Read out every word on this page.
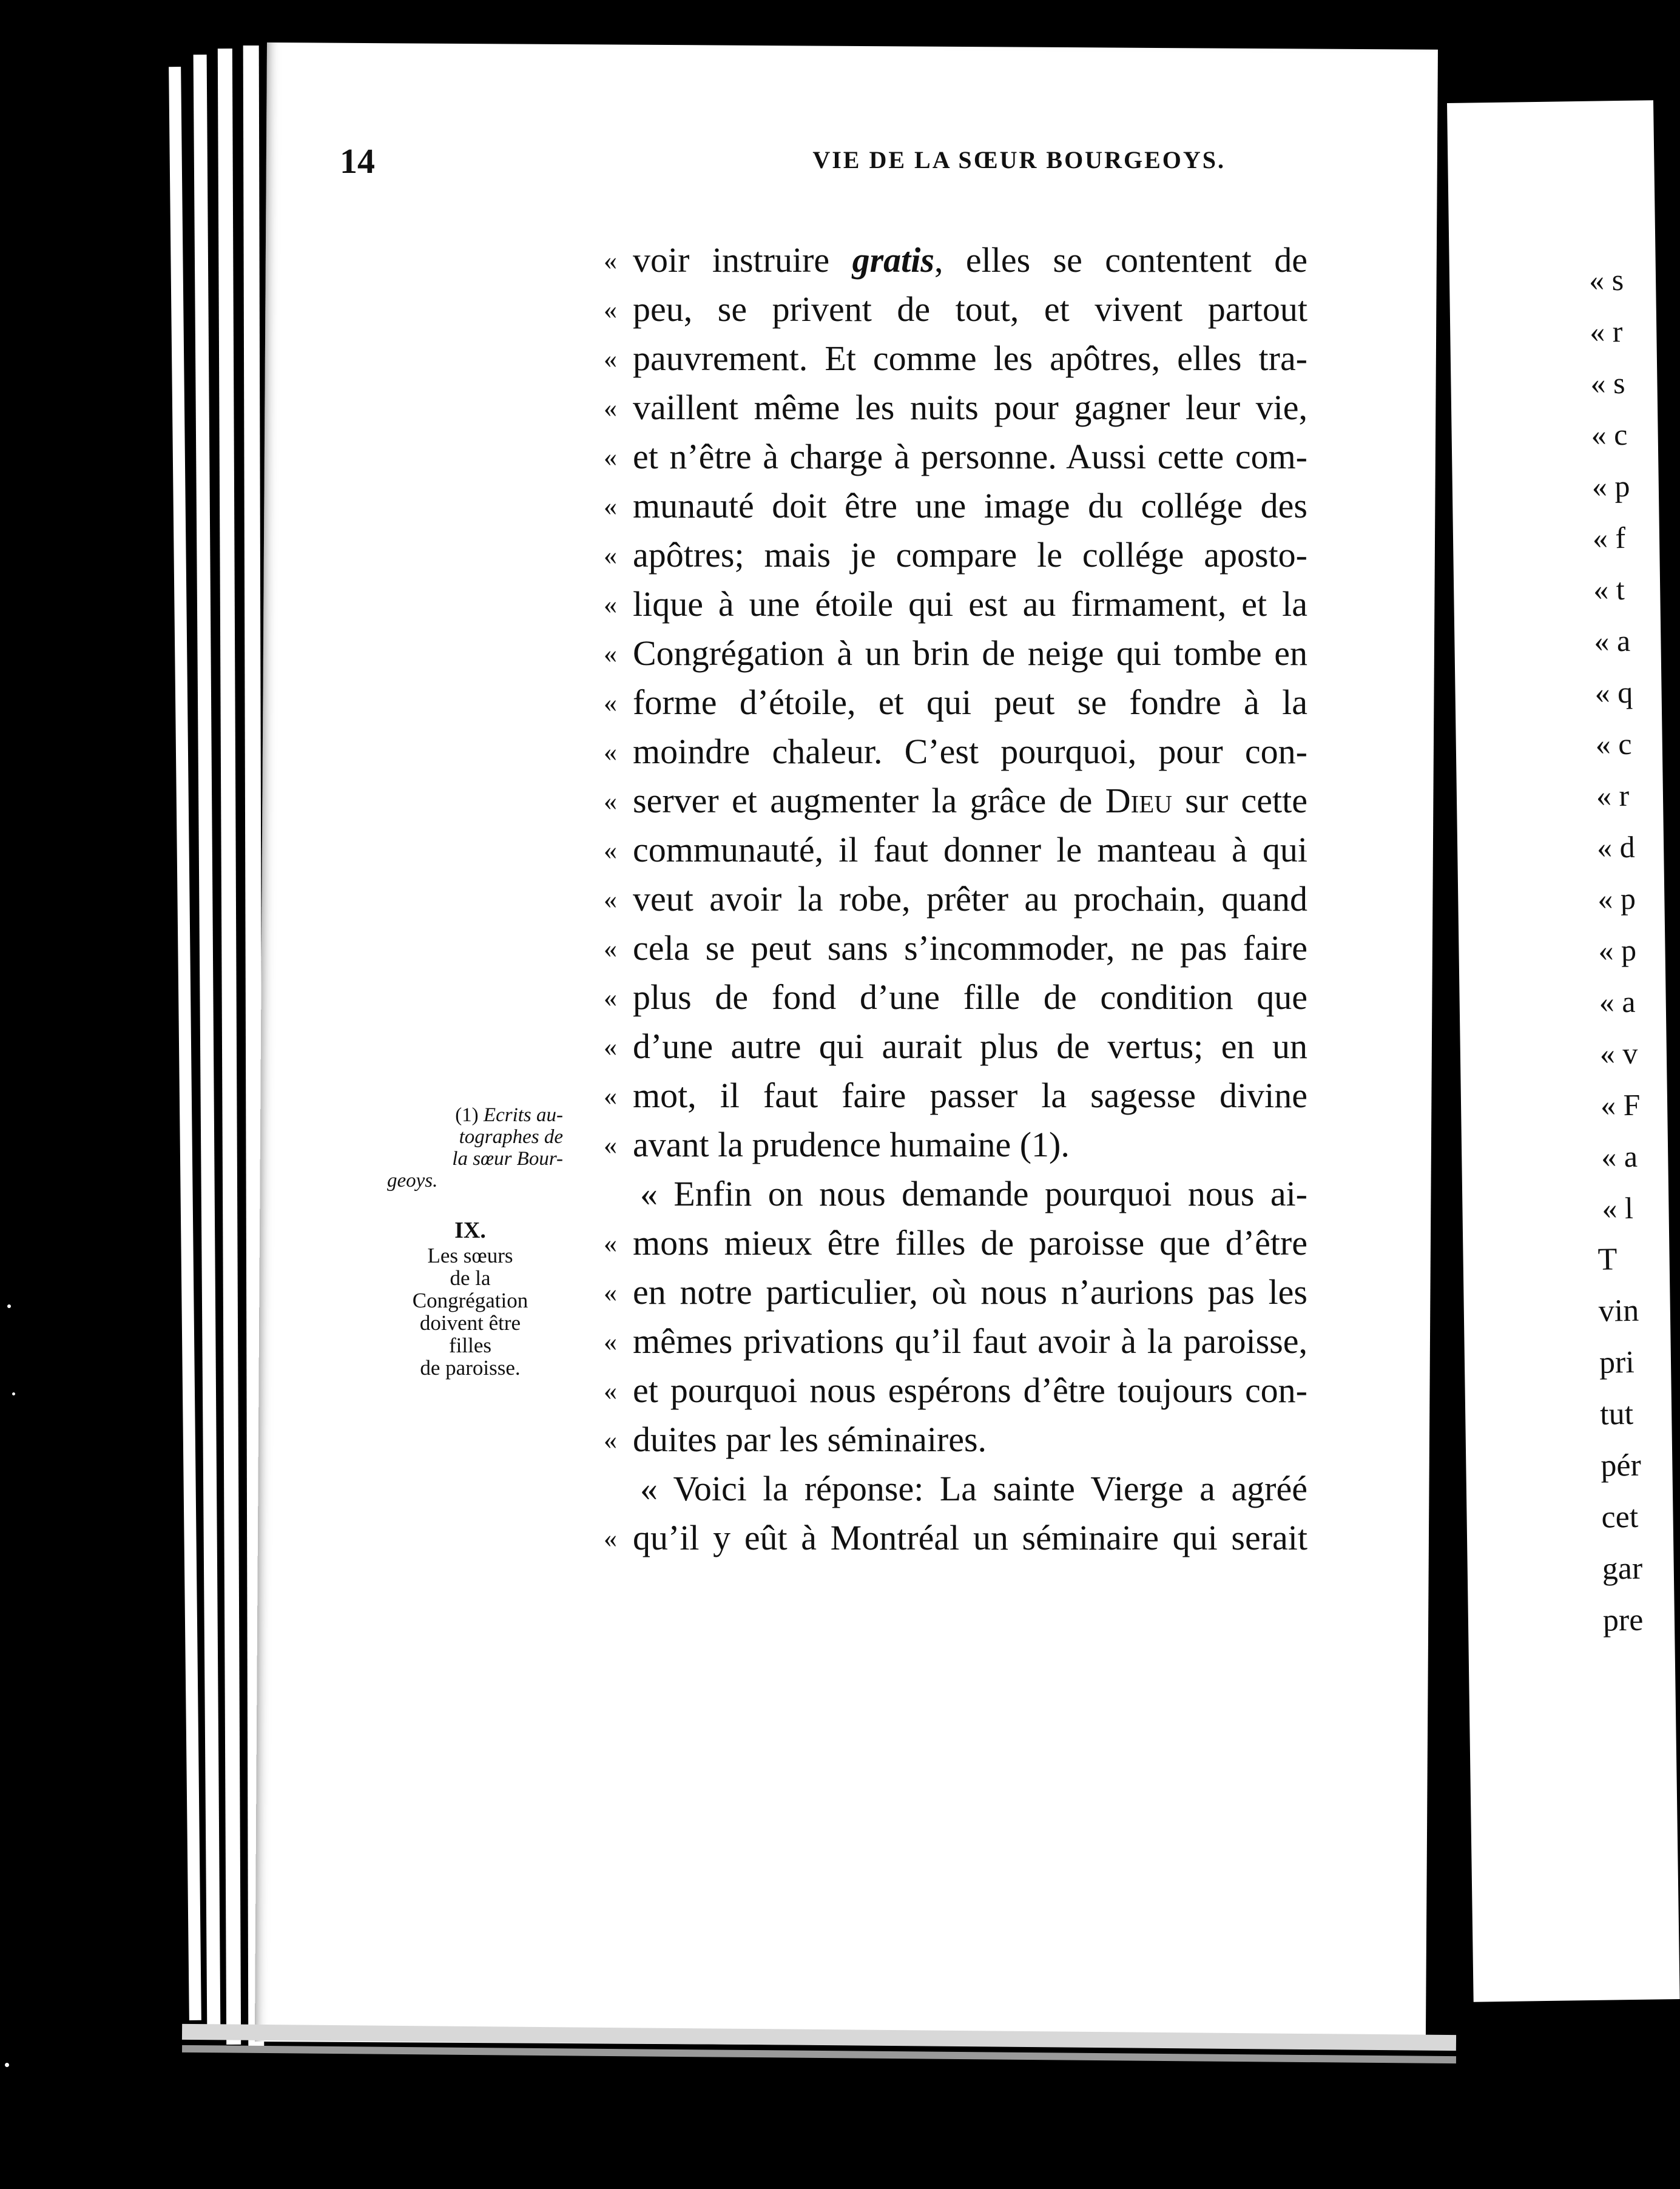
« s
« r
« s
« c
« p
« f
« t
« a
« q
« c
« r
« d
« p
« p
« a
« v
« F
« a
« l
T
vin
pri
tut
pér
cet
gar
pre
14	VIE DE LA SŒUR BOURGEOYS.
« voir instruire gratis, elles se contentent de
« peu, se privent de tout, et vivent partout
« pauvrement. Et comme les apôtres, elles tra-
« vaillent même les nuits pour gagner leur vie,
« et n’être à charge à personne. Aussi cette com-
« munauté doit être une image du collége des
« apôtres; mais je compare le collége aposto-
« lique à une étoile qui est au firmament, et la
« Congrégation à un brin de neige qui tombe en
« forme d’étoile, et qui peut se fondre à la
« moindre chaleur. C’est pourquoi, pour con-
« server et augmenter la grâce de Dieu sur cette
« communauté, il faut donner le manteau à qui
« veut avoir la robe, prêter au prochain, quand
« cela se peut sans s’incommoder, ne pas faire
« plus de fond d’une fille de condition que
« d’une autre qui aurait plus de vertus; en un
« mot, il faut faire passer la sagesse divine
« avant la prudence humaine (1).
« Enfin on nous demande pourquoi nous ai-
« mons mieux être filles de paroisse que d’être
« en notre particulier, où nous n’aurions pas les
« mêmes privations qu’il faut avoir à la paroisse,
« et pourquoi nous espérons d’être toujours con-
« duites par les séminaires.
« Voici la réponse: La sainte Vierge a agréé
« qu’il y eût à Montréal un séminaire qui serait
(1) Ecrits au-
tographes de
la sœur Bour-

geoys.
IX.
Les sœurs
de la
Congrégation
doivent être
filles
de paroisse.
